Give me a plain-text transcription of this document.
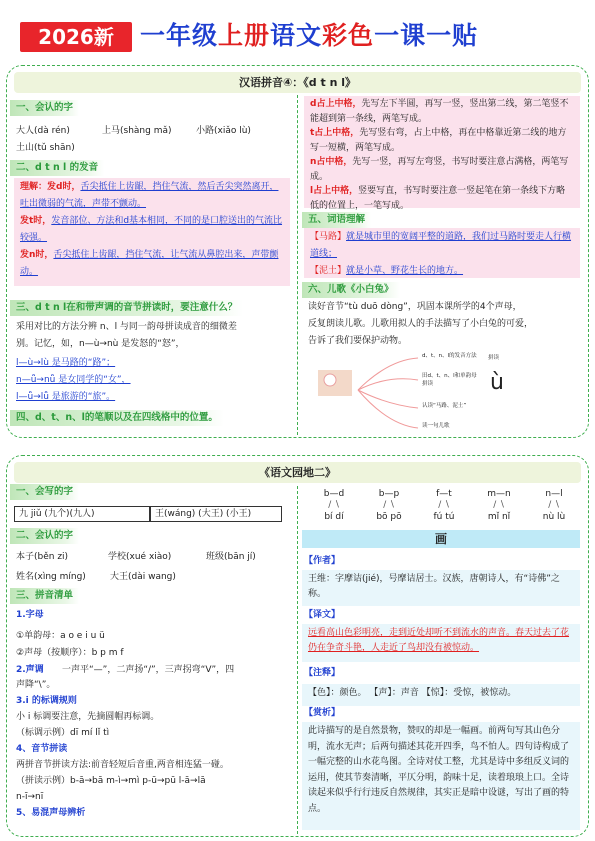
2026新	一年级上册语文彩色一课一贴
汉语拼音④：《d t n l》
一、会认的字
大人(dà rén)	上马(shàng mǎ)	小路(xiǎo lù)
土山(tǔ shān)
二、d t n l 的发音
理解：发d时，舌尖抵住上齿龈，挡住气流，然后舌尖突然离开，吐出微弱的气流，声带不颤动。
发t时，发音部位、方法和d基本相同，不同的是口腔送出的气流比较强。
发n时，舌尖抵住上齿龈，挡住气流，让气流从鼻腔出来，声带颤动。
三、d t n l在和带声调的音节拼读时，要注意什么？
采用对比的方法分辨 n、l 与同一韵母拼读成音的细微差
别。记忆，如，n—ù→nù 是发怒的“怒”，
l—ù→lù 是马路的“路”；
n—ǚ→nǚ 是女同学的“女”，
l—ǚ→lǚ 是旅游的“旅”。
四、d、t、n、l的笔顺以及在四线格中的位置。
d占上中格，先写左下半圆，再写一竖，竖出第二线，第二笔竖不能超到第一条线，两笔写成。
t占上中格，先写竖右弯，占上中格，再在中格靠近第二线的地方写一短横，两笔写成。
n占中格，先写一竖，再写左弯竖，书写时要注意占满格，两笔写成。
l占上中格，竖要写直，书写时要注意一竖起笔在第一条线下方略低的位置上，一笔写成。
五、词语理解
【马路】就是城市里的宽阔平整的道路，我们过马路时要走人行横道线；
【泥土】就是小草、野花生长的地方。
六、儿歌《小白兔》
读好音节“tù duō dòng”，巩固本课所学的4个声母，
反复朗读儿歌。儿歌用拟人的手法描写了小白兔的可爱，
告诉了我们要保护动物。
d、t、n、l的发音方法
田d、t、n、l和单韵母拼读
认读“马路、泥土”
读一句儿歌
拼读
ù
《语文园地二》
一、会写的字
九 jiǔ (九个)(九人)	王(wáng) (大王) (小王)
二、会认的字
本子(běn zi)	学校(xué xiào)	班级(bān jí)
姓名(xìng míng)	大王(dài wang)
三、拼音清单
1.字母
①单韵母：a o e i u ü
②声母（按顺序）：b p m f
2.声调 一声平“—”，二声扬“/”，三声拐弯“V”，四
声降“\”。
3.i 的标调规则
小 i 标调要注意，先摘圆帽再标调。
（标调示例）dī mí lǐ tì
4、音节拼读
两拼音节拼读方法:前音轻短后音重,两音相连猛一碰。
（拼读示例）b-ā→bā m-ì→mì p-ū→pū l-ā→lā
n-ī→nī
5、易混声母辨析
b—d
∕ ∖
bí dí
b—p
∕ ∖
bō pō
f—t
∕ ∖
fú tú
m—n
∕ ∖
mǐ nǐ
n—l
∕ ∖
nù lù
画
【作者】
王维：字摩诘(jié)，号摩诘居士。汉族，唐朝诗人，有“诗佛”之称。
【译文】
远看高山色彩明亮，走到近处却听不到流水的声音。春天过去了花仍在争奇斗艳，人走近了鸟却没有被惊动。
【注释】
【色】：颜色。 【声】：声音 【惊】：受惊，被惊动。
【赏析】
此诗描写的是自然景物，赞叹的却是一幅画。前两句写其山色分明，流水无声；后两句描述其花开四季，鸟不怕人。四句诗构成了一幅完整的山水花鸟图。全诗对仗工整，尤其是诗中多组反义词的运用，使其节奏清晰，平仄分明，韵味十足，读着琅琅上口。全诗读起来似乎行行违反自然规律，其实正是暗中设谜，写出了画的特点。
